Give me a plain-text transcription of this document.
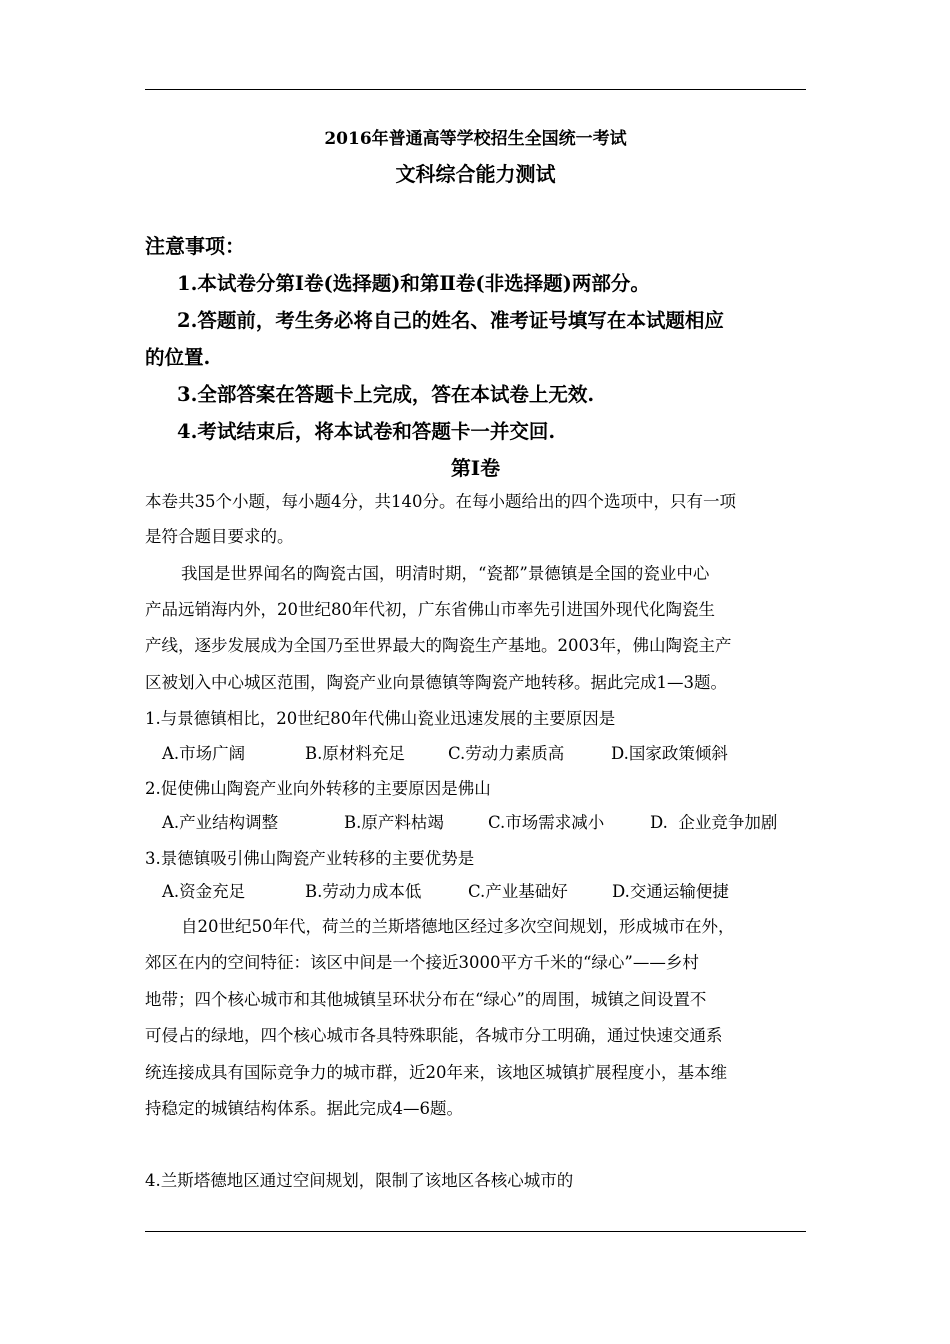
2016年普通高等学校招生全国统一考试
文科综合能力测试
注意事项：
1.本试卷分第Ⅰ卷(选择题)和第Ⅱ卷(非选择题)两部分。
2.答题前，考生务必将自己的姓名、准考证号填写在本试题相应
的位置.
3.全部答案在答题卡上完成，答在本试卷上无效.
4.考试结束后，将本试卷和答题卡一并交回.
第Ⅰ卷
本卷共35个小题，每小题4分，共140分。在每小题给出的四个选项中，只有一项
是符合题目要求的。
我国是世界闻名的陶瓷古国，明清时期，“瓷都”景德镇是全国的瓷业中心
产品远销海内外，20世纪80年代初，广东省佛山市率先引进国外现代化陶瓷生
产线，逐步发展成为全国乃至世界最大的陶瓷生产基地。2003年，佛山陶瓷主产
区被划入中心城区范围，陶瓷产业向景德镇等陶瓷产地转移。据此完成1—3题。
1.与景德镇相比，20世纪80年代佛山瓷业迅速发展的主要原因是
A.市场广阔	B.原材料充足	C.劳动力素质高	D.国家政策倾斜
2.促使佛山陶瓷产业向外转移的主要原因是佛山
A.产业结构调整	B.原产料枯竭	C.市场需求减小	D.  企业竞争加剧
3.景德镇吸引佛山陶瓷产业转移的主要优势是
A.资金充足	B.劳动力成本低	C.产业基础好	D.交通运输便捷
自20世纪50年代，荷兰的兰斯塔德地区经过多次空间规划，形成城市在外，
郊区在内的空间特征：该区中间是一个接近3000平方千米的“绿心”——乡村
地带；四个核心城市和其他城镇呈环状分布在“绿心”的周围，城镇之间设置不
可侵占的绿地，四个核心城市各具特殊职能，各城市分工明确，通过快速交通系
统连接成具有国际竞争力的城市群，近20年来，该地区城镇扩展程度小，基本维
持稳定的城镇结构体系。据此完成4—6题。
4.兰斯塔德地区通过空间规划，限制了该地区各核心城市的
